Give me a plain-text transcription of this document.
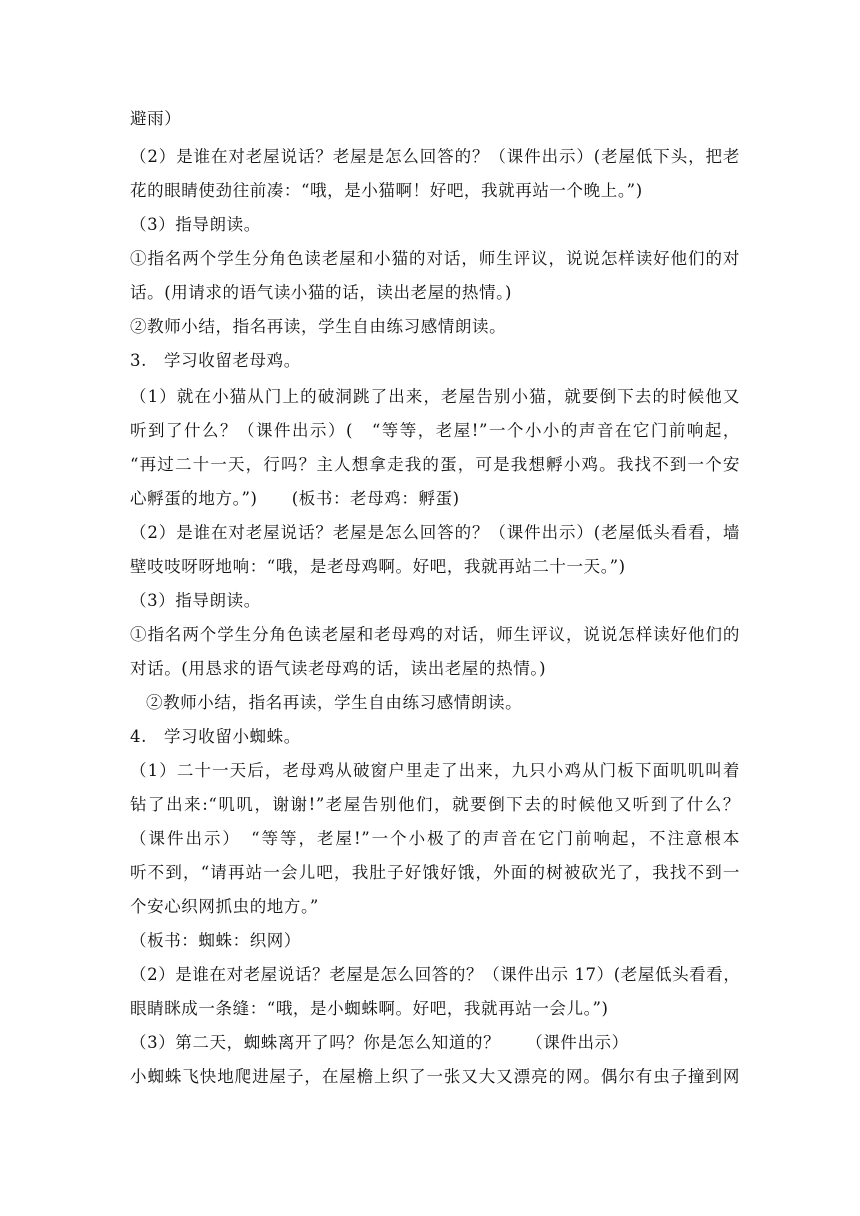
避雨）
（2）是谁在对老屋说话？老屋是怎么回答的？（课件出示）(老屋低下头，把老
花的眼睛使劲往前凑：“哦，是小猫啊！好吧，我就再站一个晚上。”)
（3）指导朗读。
①指名两个学生分角色读老屋和小猫的对话，师生评议，说说怎样读好他们的对
话。(用请求的语气读小猫的话，读出老屋的热情。)
②教师小结，指名再读，学生自由练习感情朗读。
3.　学习收留老母鸡。
（1）就在小猫从门上的破洞跳了出来，老屋告别小猫，就要倒下去的时候他又
听到了什么？（课件出示）(　“等等，老屋!”一个小小的声音在它门前响起，
“再过二十一天，行吗？主人想拿走我的蛋，可是我想孵小鸡。我找不到一个安
心孵蛋的地方。”)　　(板书：老母鸡：孵蛋)
（2）是谁在对老屋说话？老屋是怎么回答的？（课件出示）(老屋低头看看，墙
壁吱吱呀呀地响：“哦，是老母鸡啊。好吧，我就再站二十一天。”)
（3）指导朗读。
①指名两个学生分角色读老屋和老母鸡的对话，师生评议，说说怎样读好他们的
对话。(用恳求的语气读老母鸡的话，读出老屋的热情。)
②教师小结，指名再读，学生自由练习感情朗读。
4.　学习收留小蜘蛛。
（1）二十一天后，老母鸡从破窗户里走了出来，九只小鸡从门板下面叽叽叫着
钻了出来:“叽叽，谢谢!”老屋告别他们，就要倒下去的时候他又听到了什么？
（课件出示）　“等等，老屋!”一个小极了的声音在它门前响起，不注意根本
听不到，“请再站一会儿吧，我肚子好饿好饿，外面的树被砍光了，我找不到一
个安心织网抓虫的地方。”
（板书：蜘蛛：织网）
（2）是谁在对老屋说话？老屋是怎么回答的？（课件出示 17）(老屋低头看看，
眼睛眯成一条缝：“哦，是小蜘蛛啊。好吧，我就再站一会儿。”)
（3）第二天，蜘蛛离开了吗？你是怎么知道的？　　（课件出示）
小蜘蛛飞快地爬进屋子，在屋檐上织了一张又大又漂亮的网。偶尔有虫子撞到网
